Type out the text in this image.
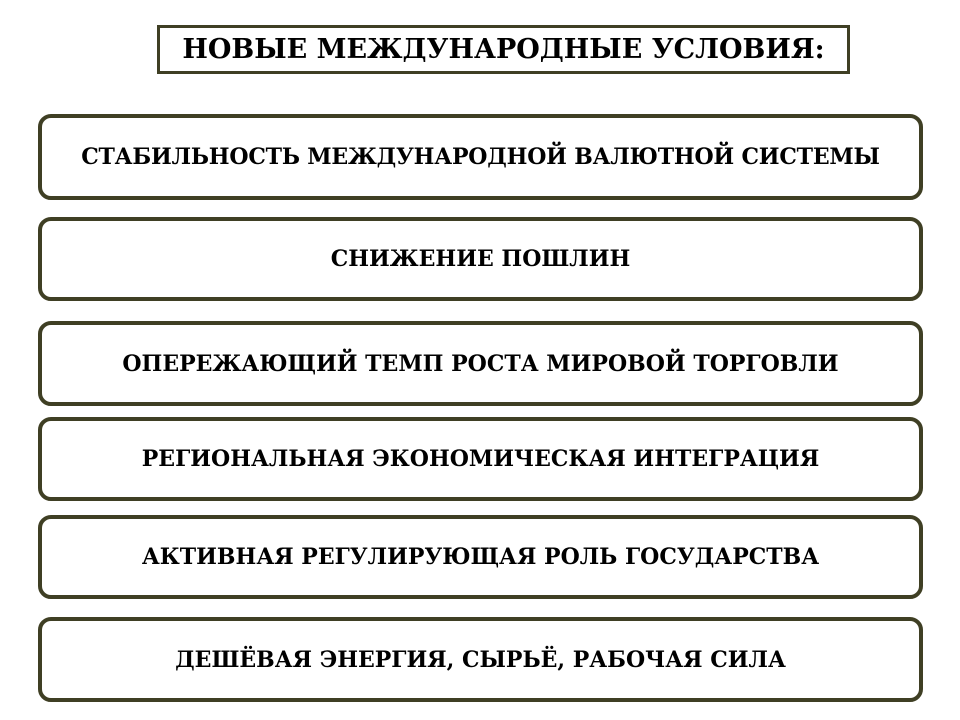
НОВЫЕ МЕЖДУНАРОДНЫЕ УСЛОВИЯ:
СТАБИЛЬНОСТЬ МЕЖДУНАРОДНОЙ ВАЛЮТНОЙ СИСТЕМЫ
СНИЖЕНИЕ ПОШЛИН
ОПЕРЕЖАЮЩИЙ ТЕМП РОСТА МИРОВОЙ ТОРГОВЛИ
РЕГИОНАЛЬНАЯ ЭКОНОМИЧЕСКАЯ ИНТЕГРАЦИЯ
АКТИВНАЯ РЕГУЛИРУЮЩАЯ РОЛЬ ГОСУДАРСТВА
ДЕШЁВАЯ ЭНЕРГИЯ, СЫРЬЁ, РАБОЧАЯ СИЛА
